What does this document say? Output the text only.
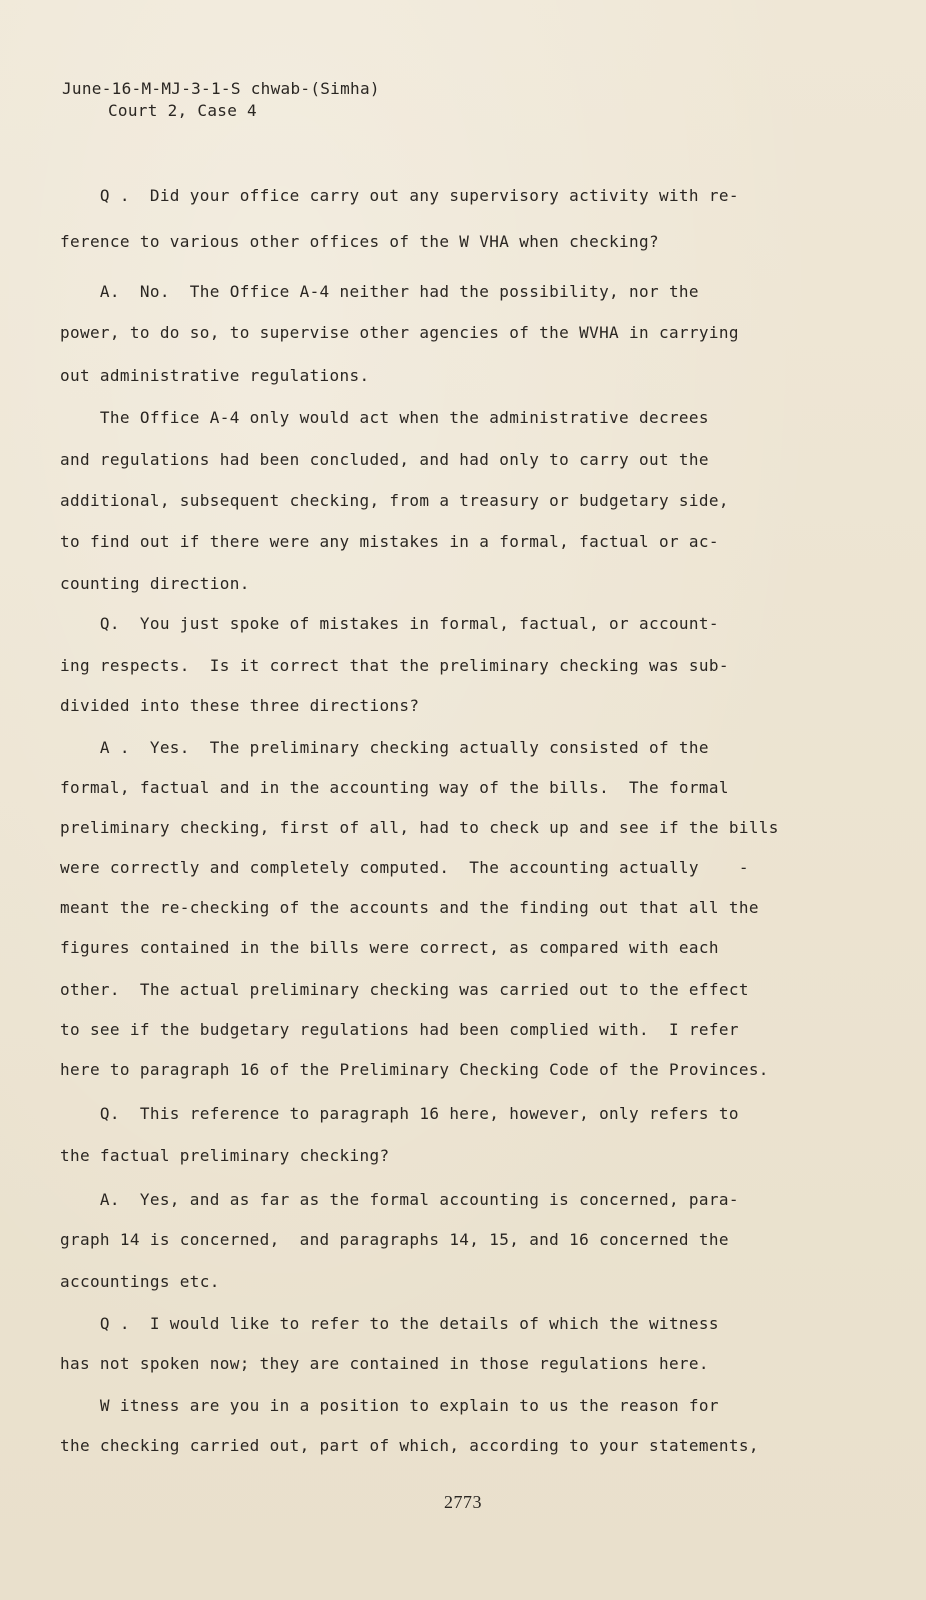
June-16-M-MJ-3-1-S chwab-(Simha)
Court 2, Case 4
Q .  Did your office carry out any supervisory activity with re-
ference to various other offices of the W VHA when checking?
A.  No.  The Office A-4 neither had the possibility, nor the
power, to do so, to supervise other agencies of the WVHA in carrying
out administrative regulations.
The Office A-4 only would act when the administrative decrees
and regulations had been concluded, and had only to carry out the
additional, subsequent checking, from a treasury or budgetary side,
to find out if there were any mistakes in a formal, factual or ac-
counting direction.
Q.  You just spoke of mistakes in formal, factual, or account-
ing respects.  Is it correct that the preliminary checking was sub-
divided into these three directions?
A .  Yes.  The preliminary checking actually consisted of the
formal, factual and in the accounting way of the bills.  The formal
preliminary checking, first of all, had to check up and see if the bills
were correctly and completely computed.  The accounting actually    -
meant the re-checking of the accounts and the finding out that all the
figures contained in the bills were correct, as compared with each
other.  The actual preliminary checking was carried out to the effect
to see if the budgetary regulations had been complied with.  I refer
here to paragraph 16 of the Preliminary Checking Code of the Provinces.
Q.  This reference to paragraph 16 here, however, only refers to
the factual preliminary checking?
A.  Yes, and as far as the formal accounting is concerned, para-
graph 14 is concerned,  and paragraphs 14, 15, and 16 concerned the
accountings etc.
Q .  I would like to refer to the details of which the witness
has not spoken now; they are contained in those regulations here.
W itness are you in a position to explain to us the reason for
the checking carried out, part of which, according to your statements,
2773
